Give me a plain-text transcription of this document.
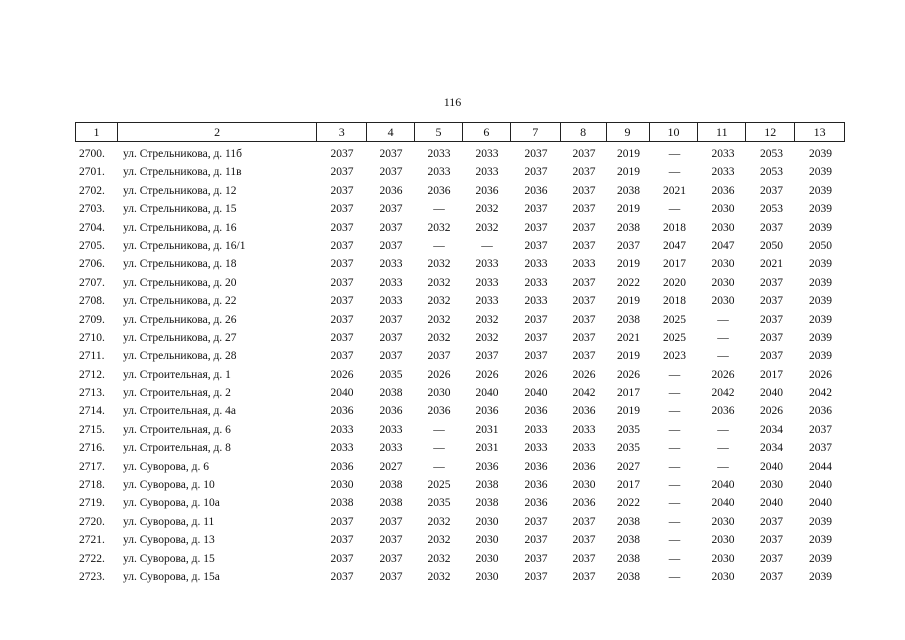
116
1	2	3	4	5	6	7	8	9	10	11	12	13
2700.	ул. Стрельникова, д. 11б	2037	2037	2033	2033	2037	2037	2019	—	2033	2053	2039
2701.	ул. Стрельникова, д. 11в	2037	2037	2033	2033	2037	2037	2019	—	2033	2053	2039
2702.	ул. Стрельникова, д. 12	2037	2036	2036	2036	2036	2037	2038	2021	2036	2037	2039
2703.	ул. Стрельникова, д. 15	2037	2037	—	2032	2037	2037	2019	—	2030	2053	2039
2704.	ул. Стрельникова, д. 16	2037	2037	2032	2032	2037	2037	2038	2018	2030	2037	2039
2705.	ул. Стрельникова, д. 16/1	2037	2037	—	—	2037	2037	2037	2047	2047	2050	2050
2706.	ул. Стрельникова, д. 18	2037	2033	2032	2033	2033	2033	2019	2017	2030	2021	2039
2707.	ул. Стрельникова, д. 20	2037	2033	2032	2033	2033	2037	2022	2020	2030	2037	2039
2708.	ул. Стрельникова, д. 22	2037	2033	2032	2033	2033	2037	2019	2018	2030	2037	2039
2709.	ул. Стрельникова, д. 26	2037	2037	2032	2032	2037	2037	2038	2025	—	2037	2039
2710.	ул. Стрельникова, д. 27	2037	2037	2032	2032	2037	2037	2021	2025	—	2037	2039
2711.	ул. Стрельникова, д. 28	2037	2037	2037	2037	2037	2037	2019	2023	—	2037	2039
2712.	ул. Строительная, д. 1	2026	2035	2026	2026	2026	2026	2026	—	2026	2017	2026
2713.	ул. Строительная, д. 2	2040	2038	2030	2040	2040	2042	2017	—	2042	2040	2042
2714.	ул. Строительная, д. 4а	2036	2036	2036	2036	2036	2036	2019	—	2036	2026	2036
2715.	ул. Строительная, д. 6	2033	2033	—	2031	2033	2033	2035	—	—	2034	2037
2716.	ул. Строительная, д. 8	2033	2033	—	2031	2033	2033	2035	—	—	2034	2037
2717.	ул. Суворова, д. 6	2036	2027	—	2036	2036	2036	2027	—	—	2040	2044
2718.	ул. Суворова, д. 10	2030	2038	2025	2038	2036	2030	2017	—	2040	2030	2040
2719.	ул. Суворова, д. 10а	2038	2038	2035	2038	2036	2036	2022	—	2040	2040	2040
2720.	ул. Суворова, д. 11	2037	2037	2032	2030	2037	2037	2038	—	2030	2037	2039
2721.	ул. Суворова, д. 13	2037	2037	2032	2030	2037	2037	2038	—	2030	2037	2039
2722.	ул. Суворова, д. 15	2037	2037	2032	2030	2037	2037	2038	—	2030	2037	2039
2723.	ул. Суворова, д. 15а	2037	2037	2032	2030	2037	2037	2038	—	2030	2037	2039
